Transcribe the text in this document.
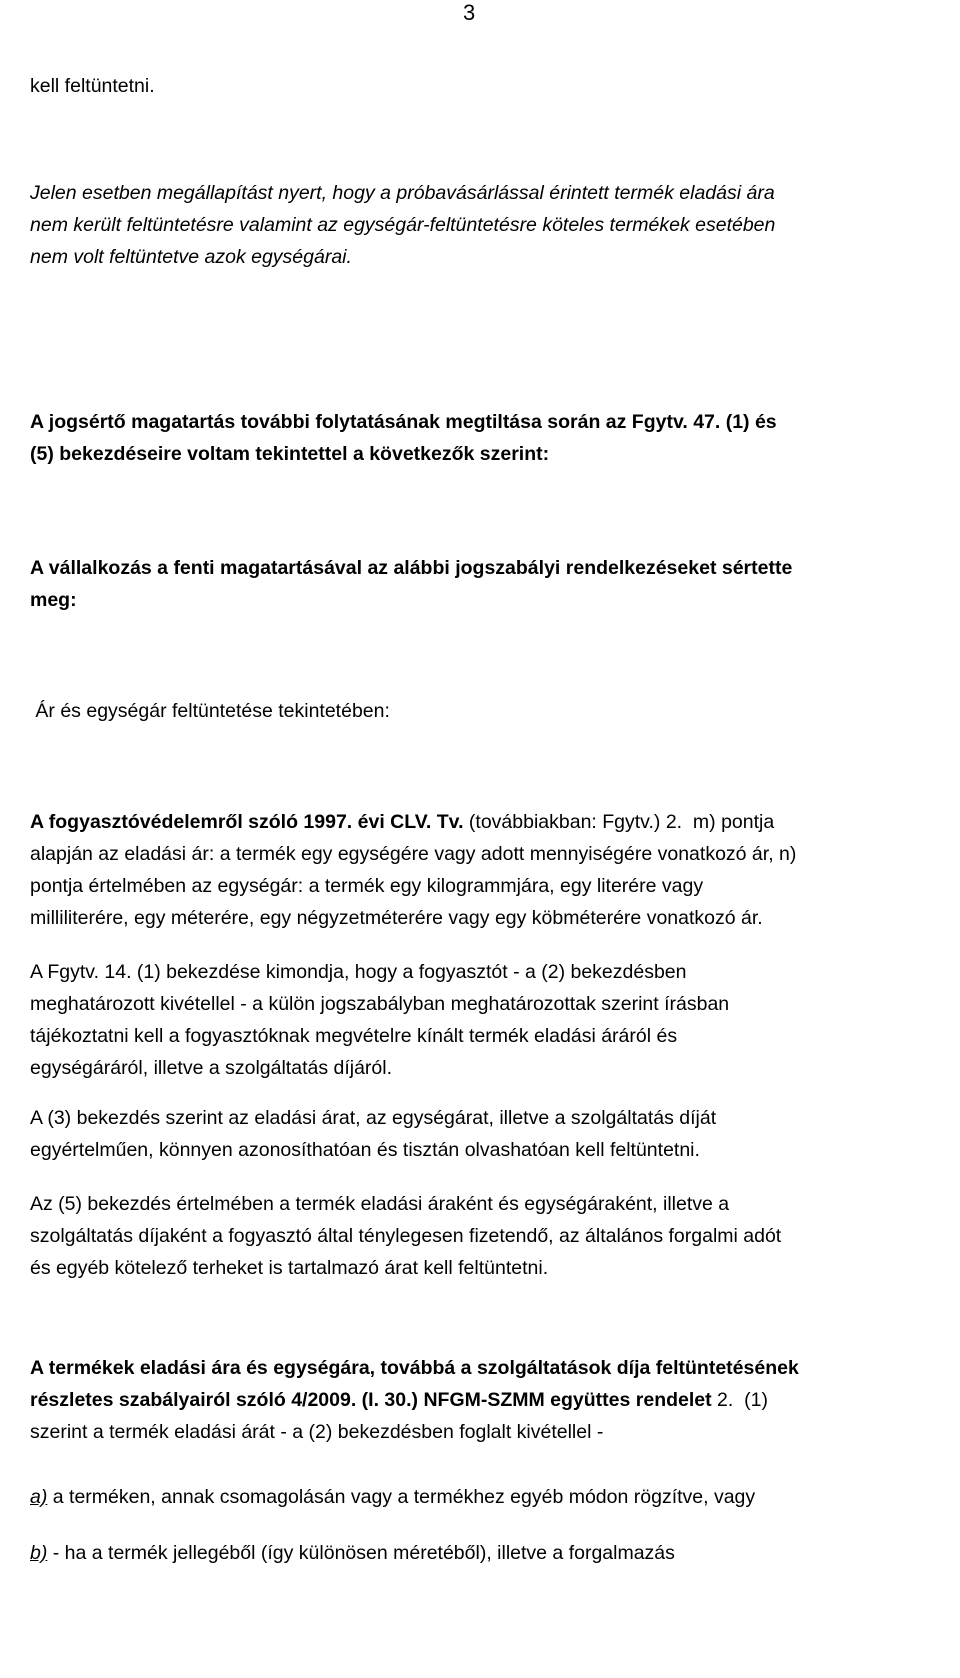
3
kell feltüntetni.
Jelen esetben megállapítást nyert, hogy a próbavásárlással érintett termék eladási ára
nem került feltüntetésre valamint az egységár-feltüntetésre köteles termékek esetében
nem volt feltüntetve azok egységárai.
A jogsértő magatartás további folytatásának megtiltása során az Fgytv. 47. (1) és
(5) bekezdéseire voltam tekintettel a következők szerint:
A vállalkozás a fenti magatartásával az alábbi jogszabályi rendelkezéseket sértette
meg:
Ár és egységár feltüntetése tekintetében:
A fogyasztóvédelemről szóló 1997. évi CLV. Tv. (továbbiakban: Fgytv.) 2.  m) pontja
alapján az eladási ár: a termék egy egységére vagy adott mennyiségére vonatkozó ár, n)
pontja értelmében az egységár: a termék egy kilogrammjára, egy literére vagy
milliliterére, egy méterére, egy négyzetméterére vagy egy köbméterére vonatkozó ár.
A Fgytv. 14. (1) bekezdése kimondja, hogy a fogyasztót - a (2) bekezdésben
meghatározott kivétellel - a külön jogszabályban meghatározottak szerint írásban
tájékoztatni kell a fogyasztóknak megvételre kínált termék eladási áráról és
egységáráról, illetve a szolgáltatás díjáról.
A (3) bekezdés szerint az eladási árat, az egységárat, illetve a szolgáltatás díját
egyértelműen, könnyen azonosíthatóan és tisztán olvashatóan kell feltüntetni.
Az (5) bekezdés értelmében a termék eladási áraként és egységáraként, illetve a
szolgáltatás díjaként a fogyasztó által ténylegesen fizetendő, az általános forgalmi adót
és egyéb kötelező terheket is tartalmazó árat kell feltüntetni.
A termékek eladási ára és egységára, továbbá a szolgáltatások díja feltüntetésének
részletes szabályairól szóló 4/2009. (I. 30.) NFGM-SZMM együttes rendelet 2.  (1)
szerint a termék eladási árát - a (2) bekezdésben foglalt kivétellel -
a) a terméken, annak csomagolásán vagy a termékhez egyéb módon rögzítve, vagy
b) - ha a termék jellegéből (így különösen méretéből), illetve a forgalmazás
